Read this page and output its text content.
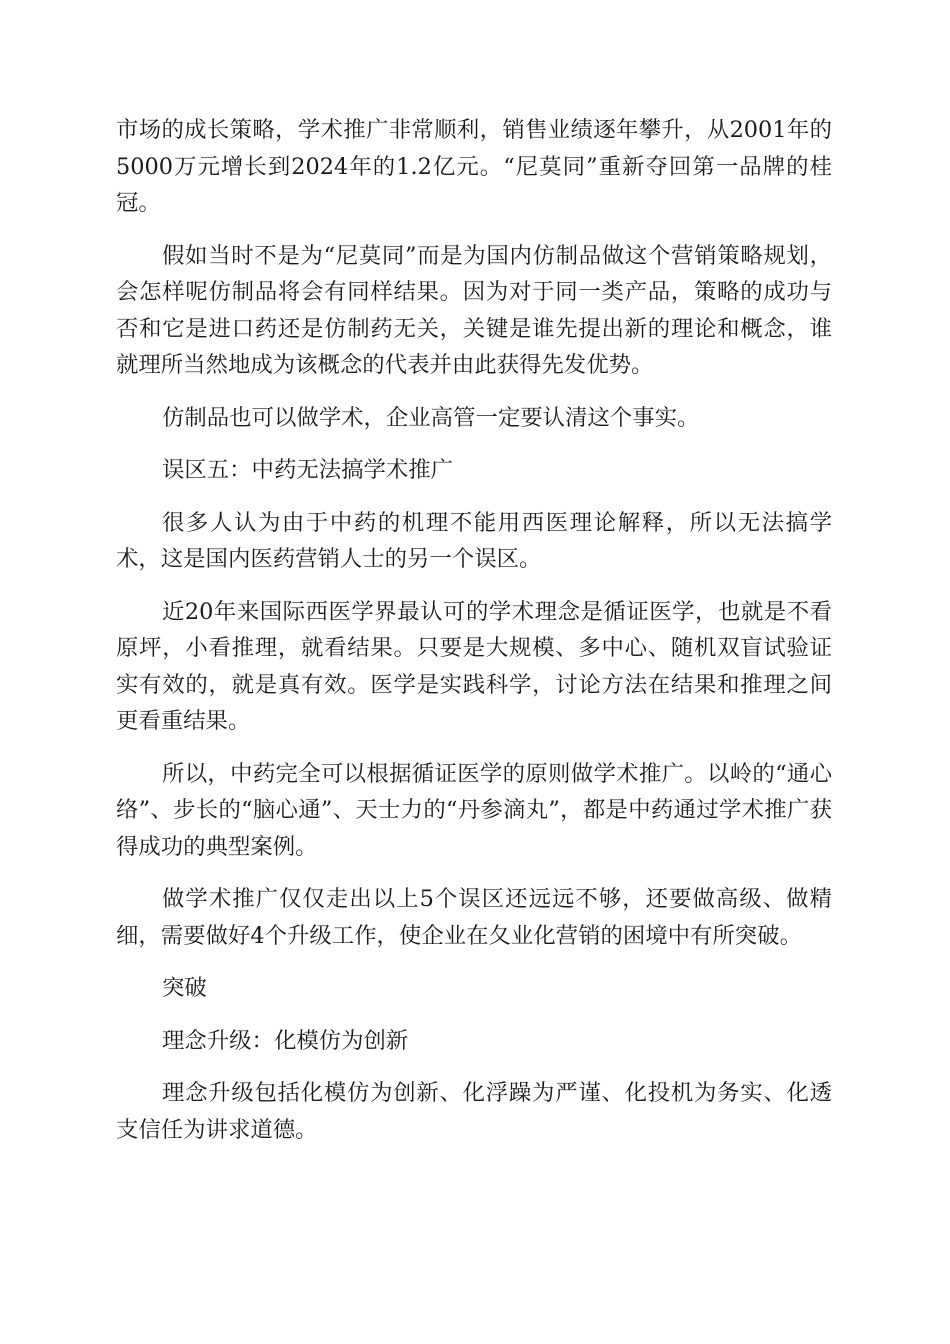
市场的成长策略，学术推广非常顺利，销售业绩逐年攀升，从2001年的5000万元增长到2024年的1.2亿元。“尼莫同”重新夺回第一品牌的桂冠。

假如当时不是为“尼莫同”而是为国内仿制品做这个营销策略规划，会怎样呢仿制品将会有同样结果。因为对于同一类产品，策略的成功与否和它是进口药还是仿制药无关，关键是谁先提出新的理论和概念，谁就理所当然地成为该概念的代表并由此获得先发优势。

仿制品也可以做学术，企业高管一定要认清这个事实。

误区五：中药无法搞学术推广

很多人认为由于中药的机理不能用西医理论解释，所以无法搞学术，这是国内医药营销人士的另一个误区。

近20年来国际西医学界最认可的学术理念是循证医学，也就是不看原坪，小看推理，就看结果。只要是大规模、多中心、随机双盲试验证实有效的，就是真有效。医学是实践科学，讨论方法在结果和推理之间更看重结果。

所以，中药完全可以根据循证医学的原则做学术推广。以岭的“通心络”、步长的“脑心通”、天士力的“丹参滴丸”，都是中药通过学术推广获得成功的典型案例。

做学术推广仅仅走出以上5个误区还远远不够，还要做高级、做精细，需要做好4个升级工作，使企业在夂业化营销的困境中有所突破。

突破

理念升级：化模仿为创新

理念升级包括化模仿为创新、化浮躁为严谨、化投机为务实、化透支信任为讲求道德。
